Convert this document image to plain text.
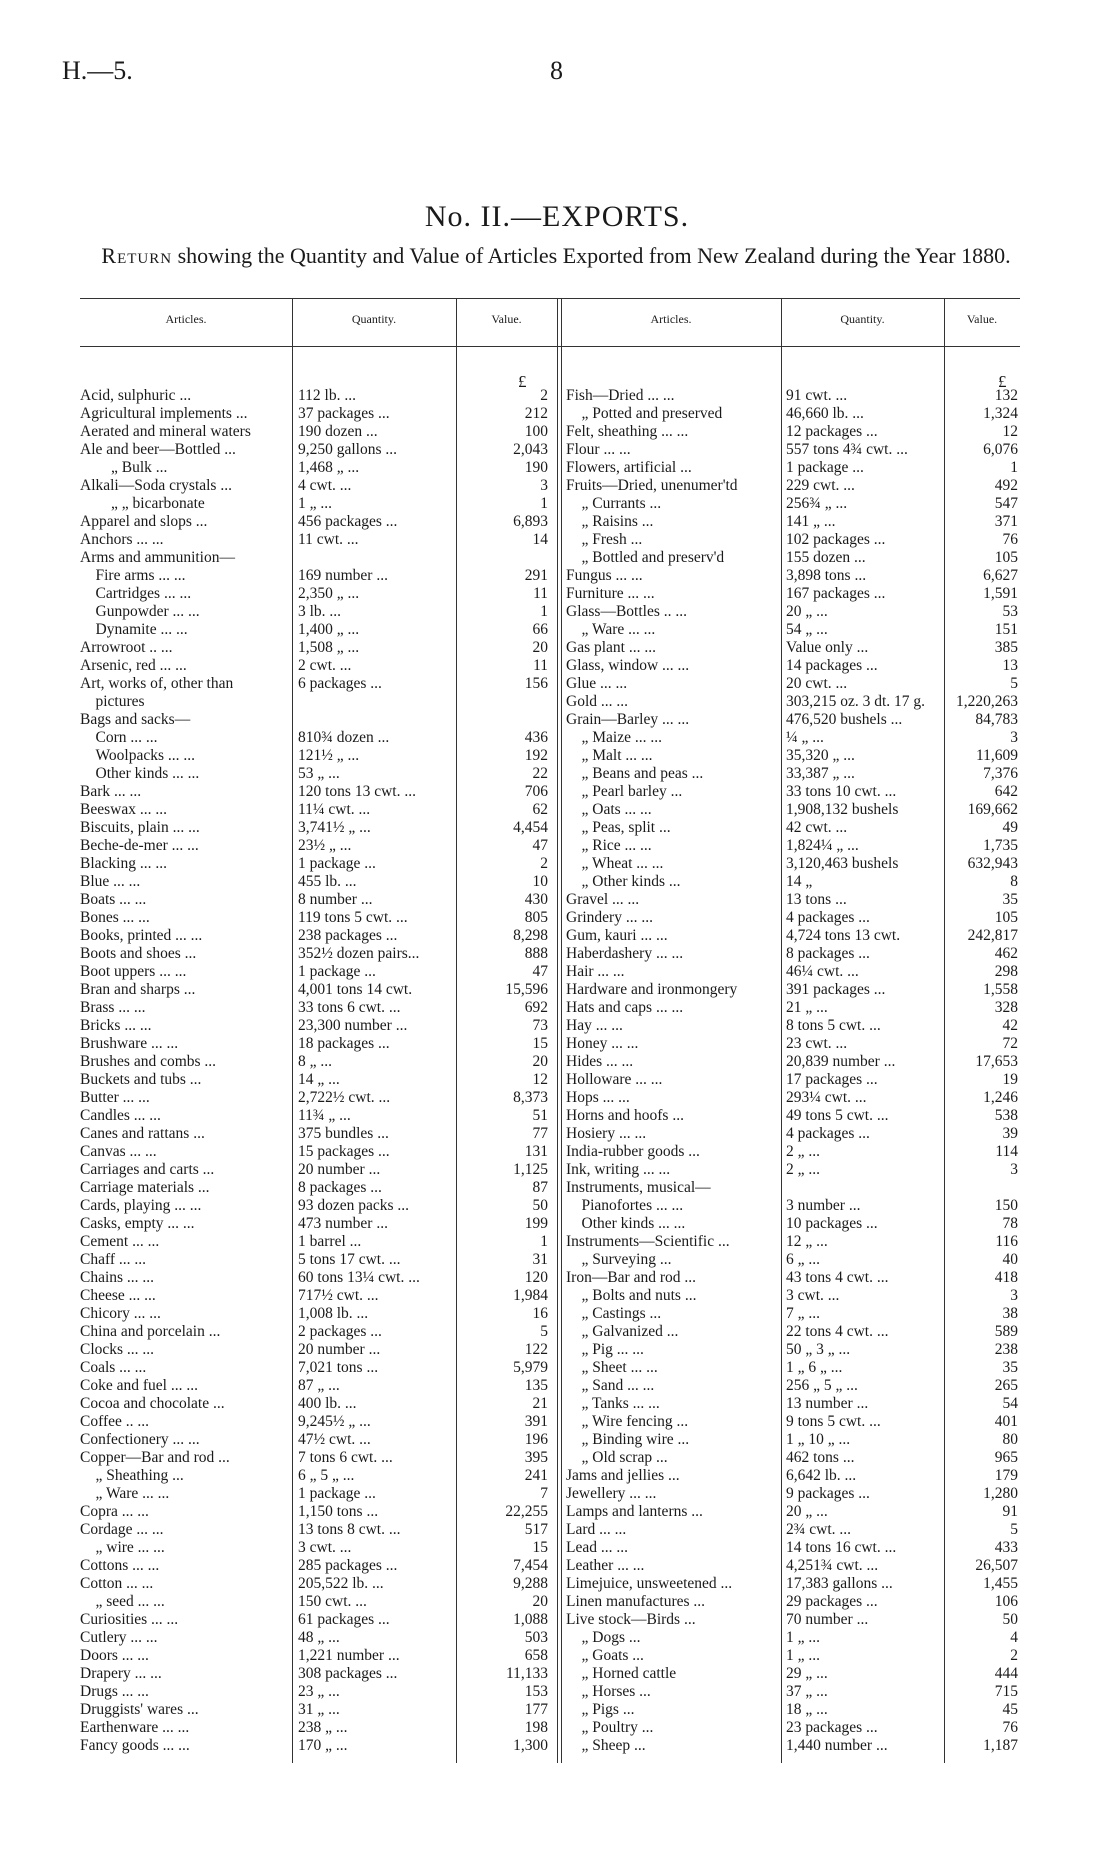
H.—5.	8
No. II.—EXPORTS.
Return showing the Quantity and Value of Articles Exported from New Zealand during the Year 1880.
Articles.	Quantity.	Value.	Articles.	Quantity.	Value.
£	£
Acid, sulphuric ...	112 lb. ...	2
Agricultural implements ...	37 packages ...	212
Aerated and mineral waters	190 dozen ...	100
Ale and beer—Bottled ...	9,250 gallons ...	2,043
„ Bulk ...	1,468 „ ...	190
Alkali—Soda crystals ...	4 cwt. ...	3
„ „ bicarbonate	1 „ ...	1
Apparel and slops ...	456 packages ...	6,893
Anchors ... ...	11 cwt. ...	14
Arms and ammunition—
Fire arms ... ...	169 number ...	291
Cartridges ... ...	2,350 „ ...	11
Gunpowder ... ...	3 lb. ...	1
Dynamite ... ...	1,400 „ ...	66
Arrowroot .. ...	1,508 „ ...	20
Arsenic, red ... ...	2 cwt. ...	11
Art, works of, other than	6 packages ...	156
pictures
Bags and sacks—
Corn ... ...	810¾ dozen ...	436
Woolpacks ... ...	121½ „ ...	192
Other kinds ... ...	53 „ ...	22
Bark ... ...	120 tons 13 cwt. ...	706
Beeswax ... ...	11¼ cwt. ...	62
Biscuits, plain ... ...	3,741½ „ ...	4,454
Beche-de-mer ... ...	23½ „ ...	47
Blacking ... ...	1 package ...	2
Blue ... ...	455 lb. ...	10
Boats ... ...	8 number ...	430
Bones ... ...	119 tons 5 cwt. ...	805
Books, printed ... ...	238 packages ...	8,298
Boots and shoes ...	352½ dozen pairs...	888
Boot uppers ... ...	1 package ...	47
Bran and sharps ...	4,001 tons 14 cwt.	15,596
Brass ... ...	33 tons 6 cwt. ...	692
Bricks ... ...	23,300 number ...	73
Brushware ... ...	18 packages ...	15
Brushes and combs ...	8 „ ...	20
Buckets and tubs ...	14 „ ...	12
Butter ... ...	2,722½ cwt. ...	8,373
Candles ... ...	11¾ „ ...	51
Canes and rattans ...	375 bundles ...	77
Canvas ... ...	15 packages ...	131
Carriages and carts ...	20 number ...	1,125
Carriage materials ...	8 packages ...	87
Cards, playing ... ...	93 dozen packs ...	50
Casks, empty ... ...	473 number ...	199
Cement ... ...	1 barrel ...	1
Chaff ... ...	5 tons 17 cwt. ...	31
Chains ... ...	60 tons 13¼ cwt. ...	120
Cheese ... ...	717½ cwt. ...	1,984
Chicory ... ...	1,008 lb. ...	16
China and porcelain ...	2 packages ...	5
Clocks ... ...	20 number ...	122
Coals ... ...	7,021 tons ...	5,979
Coke and fuel ... ...	87 „ ...	135
Cocoa and chocolate ...	400 lb. ...	21
Coffee .. ...	9,245½ „ ...	391
Confectionery ... ...	47½ cwt. ...	196
Copper—Bar and rod ...	7 tons 6 cwt. ...	395
„ Sheathing ...	6 „ 5 „ ...	241
„ Ware ... ...	1 package ...	7
Copra ... ...	1,150 tons ...	22,255
Cordage ... ...	13 tons 8 cwt. ...	517
„ wire ... ...	3 cwt. ...	15
Cottons ... ...	285 packages ...	7,454
Cotton ... ...	205,522 lb. ...	9,288
„ seed ... ...	150 cwt. ...	20
Curiosities ... ...	61 packages ...	1,088
Cutlery ... ...	48 „ ...	503
Doors ... ...	1,221 number ...	658
Drapery ... ...	308 packages ...	11,133
Drugs ... ...	23 „ ...	153
Druggists' wares ...	31 „ ...	177
Earthenware ... ...	238 „ ...	198
Fancy goods ... ...	170 „ ...	1,300
Fish—Dried ... ...	91 cwt. ...	132
„ Potted and preserved	46,660 lb. ...	1,324
Felt, sheathing ... ...	12 packages ...	12
Flour ... ...	557 tons 4¾ cwt. ...	6,076
Flowers, artificial ...	1 package ...	1
Fruits—Dried, unenumer'td	229 cwt. ...	492
„ Currants ...	256¾ „ ...	547
„ Raisins ...	141 „ ...	371
„ Fresh ...	102 packages ...	76
„ Bottled and preserv'd	155 dozen ...	105
Fungus ... ...	3,898 tons ...	6,627
Furniture ... ...	167 packages ...	1,591
Glass—Bottles .. ...	20 „ ...	53
„ Ware ... ...	54 „ ...	151
Gas plant ... ...	Value only ...	385
Glass, window ... ...	14 packages ...	13
Glue ... ...	20 cwt. ...	5
Gold ... ...	303,215 oz. 3 dt. 17 g.	1,220,263
Grain—Barley ... ...	476,520 bushels ...	84,783
„ Maize ... ...	¼ „ ...	3
„ Malt ... ...	35,320 „ ...	11,609
„ Beans and peas ...	33,387 „ ...	7,376
„ Pearl barley ...	33 tons 10 cwt. ...	642
„ Oats ... ...	1,908,132 bushels	169,662
„ Peas, split ...	42 cwt. ...	49
„ Rice ... ...	1,824¼ „ ...	1,735
„ Wheat ... ...	3,120,463 bushels	632,943
„ Other kinds ...	14 „	8
Gravel ... ...	13 tons ...	35
Grindery ... ...	4 packages ...	105
Gum, kauri ... ...	4,724 tons 13 cwt.	242,817
Haberdashery ... ...	8 packages ...	462
Hair ... ...	46¼ cwt. ...	298
Hardware and ironmongery	391 packages ...	1,558
Hats and caps ... ...	21 „ ...	328
Hay ... ...	8 tons 5 cwt. ...	42
Honey ... ...	23 cwt. ...	72
Hides ... ...	20,839 number ...	17,653
Holloware ... ...	17 packages ...	19
Hops ... ...	293¼ cwt. ...	1,246
Horns and hoofs ...	49 tons 5 cwt. ...	538
Hosiery ... ...	4 packages ...	39
India-rubber goods ...	2 „ ...	114
Ink, writing ... ...	2 „ ...	3
Instruments, musical—
Pianofortes ... ...	3 number ...	150
Other kinds ... ...	10 packages ...	78
Instruments—Scientific ...	12 „ ...	116
„ Surveying ...	6 „ ...	40
Iron—Bar and rod ...	43 tons 4 cwt. ...	418
„ Bolts and nuts ...	3 cwt. ...	3
„ Castings ...	7 „ ...	38
„ Galvanized ...	22 tons 4 cwt. ...	589
„ Pig ... ...	50 „ 3 „ ...	238
„ Sheet ... ...	1 „ 6 „ ...	35
„ Sand ... ...	256 „ 5 „ ...	265
„ Tanks ... ...	13 number ...	54
„ Wire fencing ...	9 tons 5 cwt. ...	401
„ Binding wire ...	1 „ 10 „ ...	80
„ Old scrap ...	462 tons ...	965
Jams and jellies ...	6,642 lb. ...	179
Jewellery ... ...	9 packages ...	1,280
Lamps and lanterns ...	20 „ ...	91
Lard ... ...	2¾ cwt. ...	5
Lead ... ...	14 tons 16 cwt. ...	433
Leather ... ...	4,251¾ cwt. ...	26,507
Limejuice, unsweetened ...	17,383 gallons ...	1,455
Linen manufactures ...	29 packages ...	106
Live stock—Birds ...	70 number ...	50
„ Dogs ...	1 „ ...	4
„ Goats ...	1 „ ...	2
„ Horned cattle	29 „ ...	444
„ Horses ...	37 „ ...	715
„ Pigs ...	18 „ ...	45
„ Poultry ...	23 packages ...	76
„ Sheep ...	1,440 number ...	1,187
